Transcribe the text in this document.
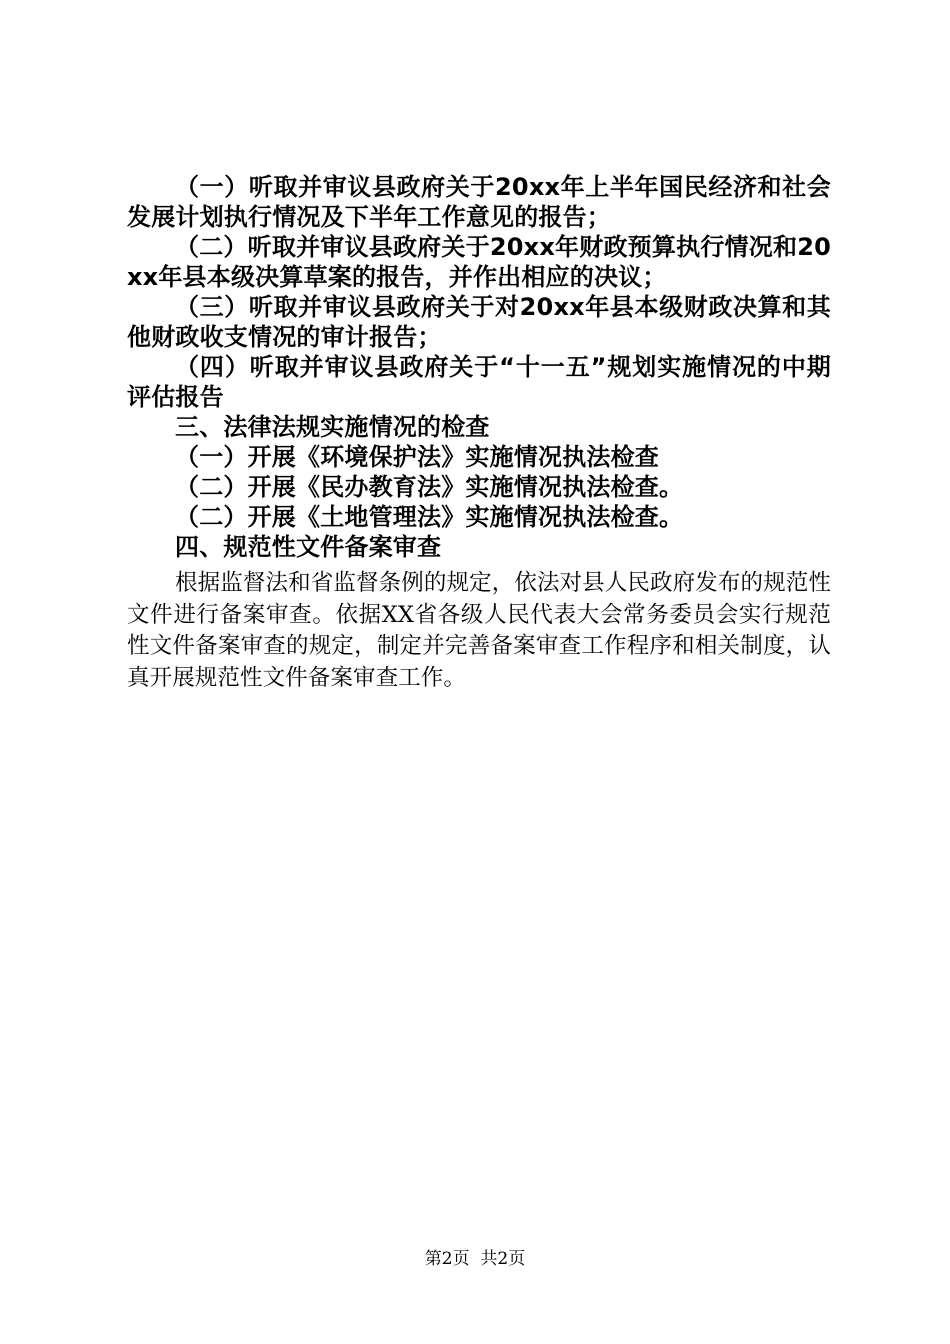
（一）听取并审议县政府关于20xx年上半年国民经济和社会发展计划执行情况及下半年工作意见的报告；

（二）听取并审议县政府关于20xx年财政预算执行情况和20xx年县本级决算草案的报告，并作出相应的决议；

（三）听取并审议县政府关于对20xx年县本级财政决算和其他财政收支情况的审计报告；

（四）听取并审议县政府关于“十一五”规划实施情况的中期评估报告

三、法律法规实施情况的检查

（一）开展《环境保护法》实施情况执法检查

（二）开展《民办教育法》实施情况执法检查。

（二）开展《土地管理法》实施情况执法检查。

四、规范性文件备案审查

根据监督法和省监督条例的规定，依法对县人民政府发布的规范性文件进行备案审查。依据XX省各级人民代表大会常务委员会实行规范性文件备案审查的规定，制定并完善备案审查工作程序和相关制度，认真开展规范性文件备案审查工作。

第2页  共2页
